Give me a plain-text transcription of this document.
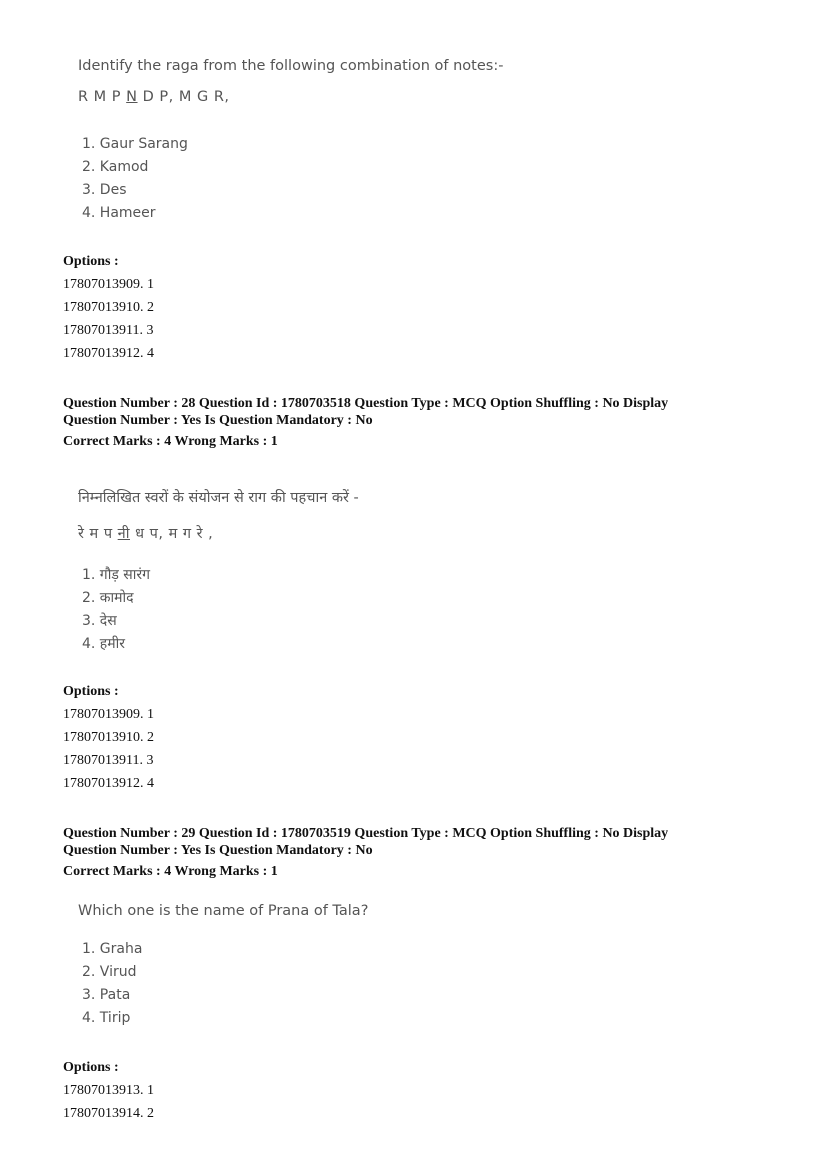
Identify the raga from the following combination of notes:-
R M P N D P, M G R,
1. Gaur Sarang
2. Kamod
3. Des
4. Hameer
Options :
17807013909. 1
17807013910. 2
17807013911. 3
17807013912. 4
Question Number : 28 Question Id : 1780703518 Question Type : MCQ Option Shuffling : No Display
Question Number : Yes Is Question Mandatory : No
Correct Marks : 4 Wrong Marks : 1
निम्नलिखित स्वरों के संयोजन से राग की पहचान करें -
रे म प नी ध प, म ग रे ,
1. गौड़ सारंग
2. कामोद
3. देस
4. हमीर
Options :
17807013909. 1
17807013910. 2
17807013911. 3
17807013912. 4
Question Number : 29 Question Id : 1780703519 Question Type : MCQ Option Shuffling : No Display
Question Number : Yes Is Question Mandatory : No
Correct Marks : 4 Wrong Marks : 1
Which one is the name of Prana of Tala?
1. Graha
2. Virud
3. Pata
4. Tirip
Options :
17807013913. 1
17807013914. 2
